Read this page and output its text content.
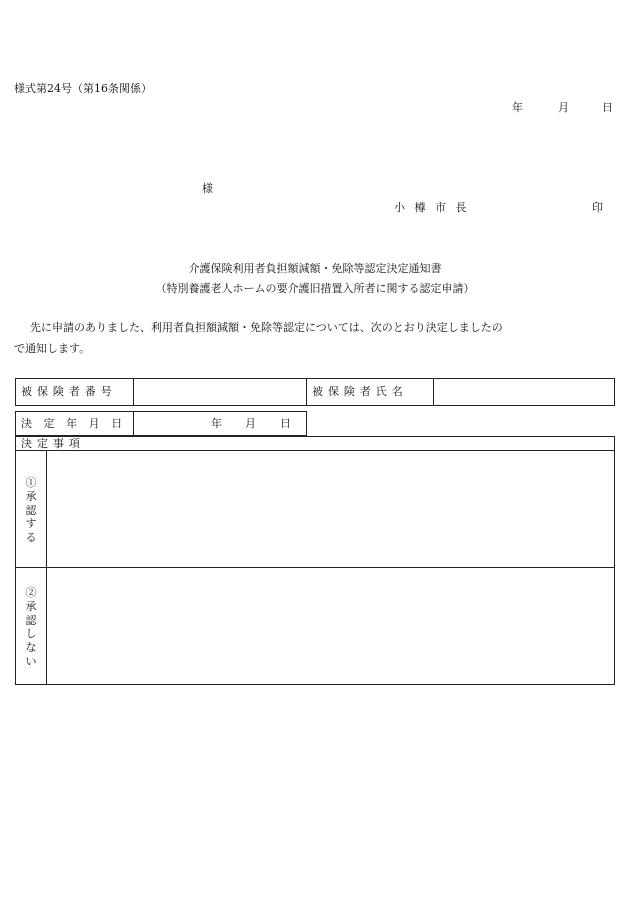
様式第24号（第16条関係）
年	月	日
様
小 樽 市 長	印
介護保険利用者負担額減額・免除等認定決定通知書
（特別養護老人ホームの要介護旧措置入所者に関する認定申請）
先に申請のありました、利用者負担額減額・免除等認定については、次のとおり決定しましたの
で通知します。
被保険者番号	被保険者氏名
決定年月日	年 月 日
決定事項
①承認する
②承認しない
